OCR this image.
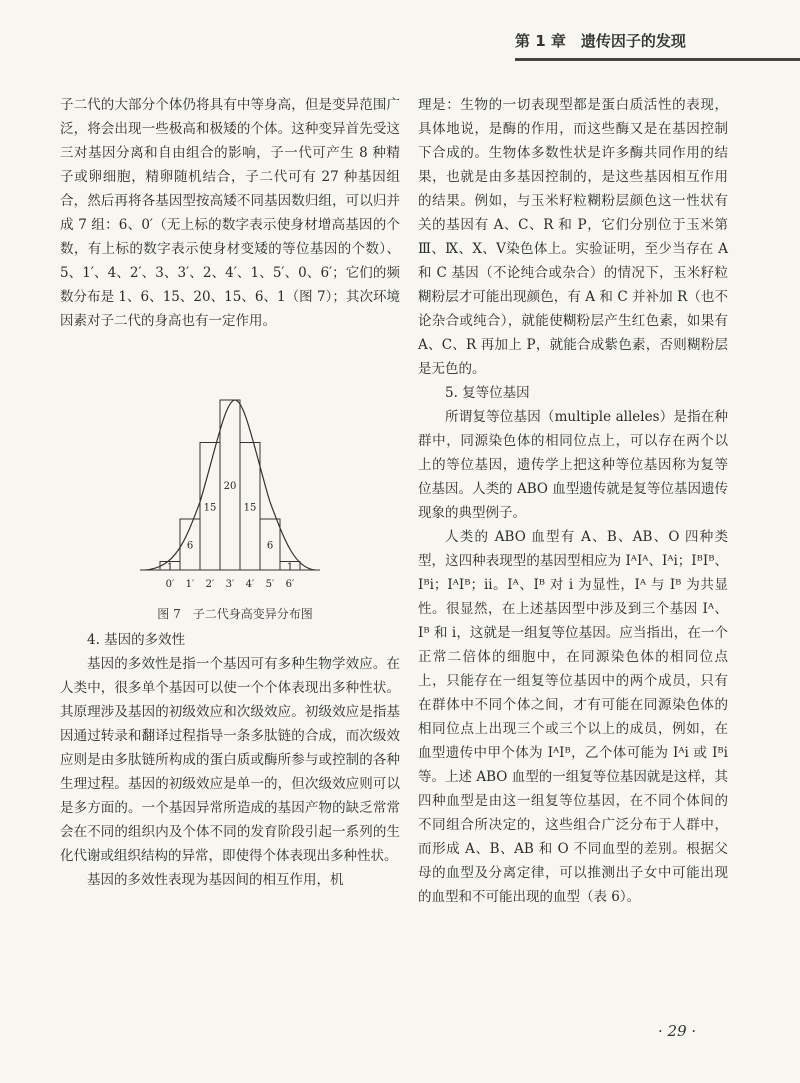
第 1 章　遗传因子的发现

子二代的大部分个体仍将具有中等身高，但是变异范围广泛，将会出现一些极高和极矮的个体。这种变异首先受这三对基因分离和自由组合的影响，子一代可产生 8 种精子或卵细胞，精卵随机结合，子二代可有 27 种基因组合，然后再将各基因型按高矮不同基因数归组，可以归并成 7 组：6、0′（无上标的数字表示使身材增高基因的个数，有上标的数字表示使身材变矮的等位基因的个数）、5、1′、4、2′、3、3′、2、4′、1、5′、0、6′；它们的频数分布是 1、6、15、20、15、6、1（图 7）；其次环境因素对子二代的身高也有一定作用。

1
6
15
20
15
6
1
0′ 1′ 2′ 3′ 4′ 5′ 6′
图 7　子二代身高变异分布图

4. 基因的多效性

基因的多效性是指一个基因可有多种生物学效应。在人类中，很多单个基因可以使一个个体表现出多种性状。其原理涉及基因的初级效应和次级效应。初级效应是指基因通过转录和翻译过程指导一条多肽链的合成，而次级效应则是由多肽链所构成的蛋白质或酶所参与或控制的各种生理过程。基因的初级效应是单一的，但次级效应则可以是多方面的。一个基因异常所造成的基因产物的缺乏常常会在不同的组织内及个体不同的发育阶段引起一系列的生化代谢或组织结构的异常，即使得个体表现出多种性状。

基因的多效性表现为基因间的相互作用，机

理是：生物的一切表现型都是蛋白质活性的表现，具体地说，是酶的作用，而这些酶又是在基因控制下合成的。生物体多数性状是许多酶共同作用的结果，也就是由多基因控制的，是这些基因相互作用的结果。例如，与玉米籽粒糊粉层颜色这一性状有关的基因有 A、C、R 和 P，它们分别位于玉米第Ⅲ、Ⅸ、Ⅹ、Ⅴ染色体上。实验证明，至少当存在 A 和 C 基因（不论纯合或杂合）的情况下，玉米籽粒糊粉层才可能出现颜色，有 A 和 C 并补加 R（也不论杂合或纯合），就能使糊粉层产生红色素，如果有 A、C、R 再加上 P，就能合成紫色素，否则糊粉层是无色的。

5. 复等位基因

所谓复等位基因（multiple alleles）是指在种群中，同源染色体的相同位点上，可以存在两个以上的等位基因，遗传学上把这种等位基因称为复等位基因。人类的 ABO 血型遗传就是复等位基因遗传现象的典型例子。

人类的 ABO 血型有 A、B、AB、O 四种类型，这四种表现型的基因型相应为 IᴬIᴬ、Iᴬi；IᴮIᴮ、Iᴮi；IᴬIᴮ；ii。Iᴬ、Iᴮ 对 i 为显性，Iᴬ 与 Iᴮ 为共显性。很显然，在上述基因型中涉及到三个基因 Iᴬ、Iᴮ 和 i，这就是一组复等位基因。应当指出，在一个正常二倍体的细胞中，在同源染色体的相同位点上，只能存在一组复等位基因中的两个成员，只有在群体中不同个体之间，才有可能在同源染色体的相同位点上出现三个或三个以上的成员，例如，在血型遗传中甲个体为 IᴬIᴮ，乙个体可能为 Iᴬi 或 Iᴮi 等。上述 ABO 血型的一组复等位基因就是这样，其四种血型是由这一组复等位基因，在不同个体间的不同组合所决定的，这些组合广泛分布于人群中，而形成 A、B、AB 和 O 不同血型的差别。根据父母的血型及分离定律，可以推测出子女中可能出现的血型和不可能出现的血型（表 6）。

· 29 ·
